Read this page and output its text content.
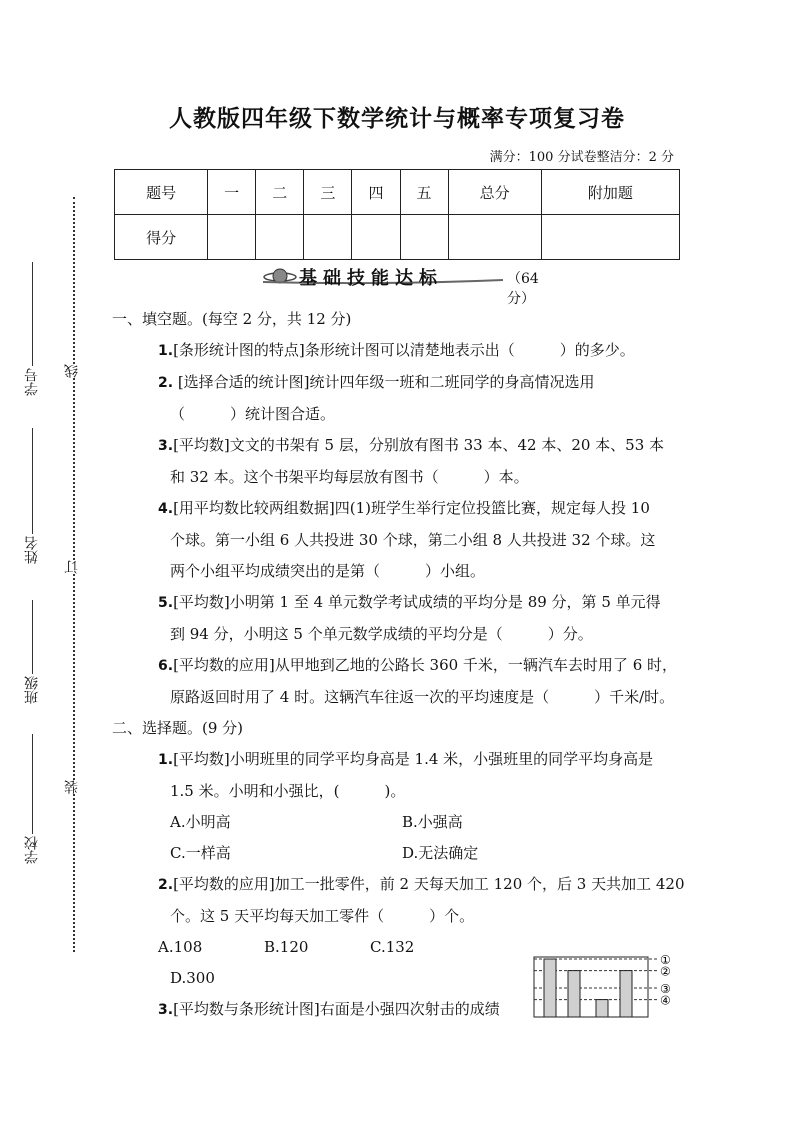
人教版四年级下数学统计与概率专项复习卷
满分：100 分试卷整洁分：2 分
题号	一	二	三	四	五	总分	附加题
得分							
学号
姓名
班级
学校
线
订
装
基础技能达标	（64 分）
一、填空题。(每空 2 分，共 12 分)
1.[条形统计图的特点]条形统计图可以清楚地表示出（　　　）的多少。
2. [选择合适的统计图]统计四年级一班和二班同学的身高情况选用
（　　　）统计图合适。
3.[平均数]文文的书架有 5 层，分别放有图书 33 本、42 本、20 本、53 本
和 32 本。这个书架平均每层放有图书（　　　）本。
4.[用平均数比较两组数据]四(1)班学生举行定位投篮比赛，规定每人投 10
个球。第一小组 6 人共投进 30 个球，第二小组 8 人共投进 32 个球。这
两个小组平均成绩突出的是第（　　　）小组。
5.[平均数]小明第 1 至 4 单元数学考试成绩的平均分是 89 分，第 5 单元得
到 94 分，小明这 5 个单元数学成绩的平均分是（　　　）分。
6.[平均数的应用]从甲地到乙地的公路长 360 千米，一辆汽车去时用了 6 时，
原路返回时用了 4 时。这辆汽车往返一次的平均速度是（　　　）千米/时。
二、选择题。(9 分)
1.[平均数]小明班里的同学平均身高是 1.4 米，小强班里的同学平均身高是
1.5 米。小明和小强比，(　　　)。
A.小明高	B.小强高
C.一样高	D.无法确定
2.[平均数的应用]加工一批零件，前 2 天每天加工 120 个，后 3 天共加工 420
个。这 5 天平均每天加工零件（　　　）个。
A.108	B.120	C.132
D.300
3.[平均数与条形统计图]右面是小强四次射击的成绩
①
②
③
④
